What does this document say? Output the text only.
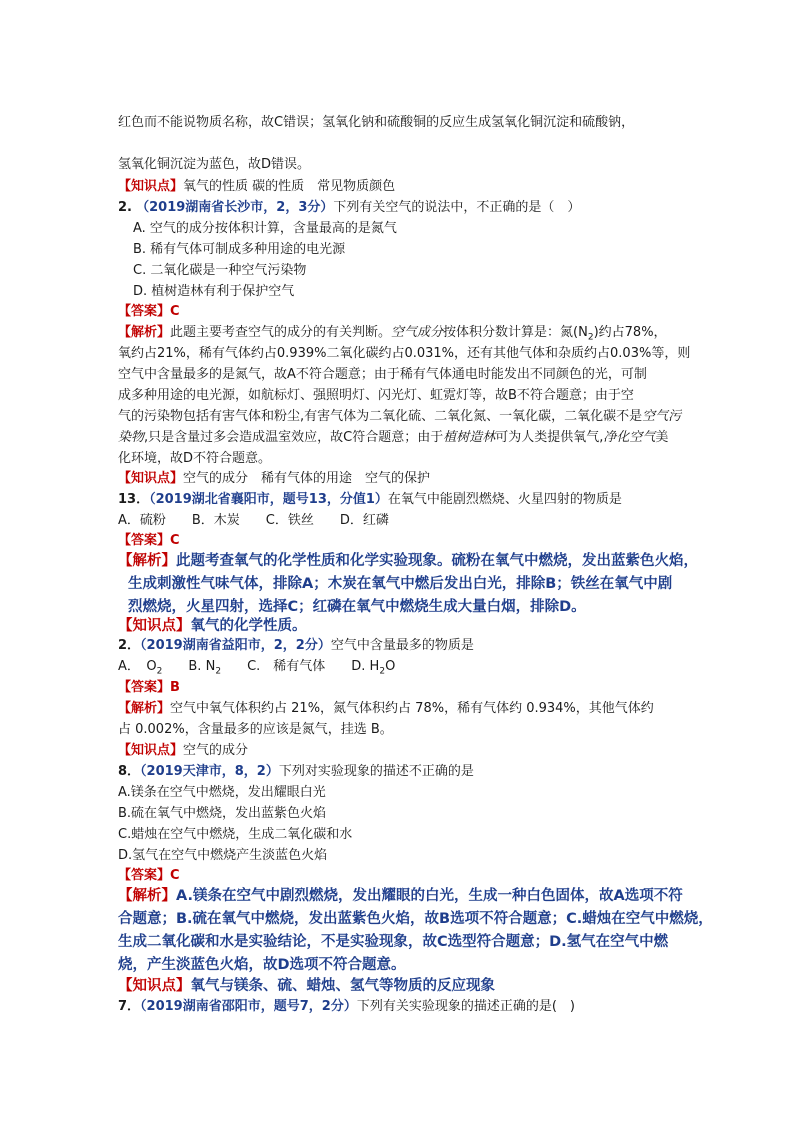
红色而不能说物质名称，故C错误；氢氧化钠和硫酸铜的反应生成氢氧化铜沉淀和硫酸钠，
氢氧化铜沉淀为蓝色，故D错误。
【知识点】氧气的性质 碳的性质　常见物质颜色
2. （2019湖南省长沙市，2，3分）下列有关空气的说法中，不正确的是（　）
A. 空气的成分按体积计算，含量最高的是氮气
B. 稀有气体可制成多种用途的电光源
C. 二氧化碳是一种空气污染物
D. 植树造林有利于保护空气
【答案】C
【解析】此题主要考查空气的成分的有关判断。空气成分按体积分数计算是：氮$(N_2)$约占78%，
氧约占21%，稀有气体约占0.939%二氧化碳约占0.031%，还有其他气体和杂质约占0.03%等，则
空气中含量最多的是氮气，故A不符合题意；由于稀有气体通电时能发出不同颜色的光，可制
成多种用途的电光源，如航标灯、强照明灯、闪光灯、虹霓灯等，故B不符合题意；由于空
气的污染物包括有害气体和粉尘,有害气体为二氧化硫、二氧化氮、一氧化碳，二氧化碳不是空气污
染物,只是含量过多会造成温室效应，故C符合题意；由于植树造林可为人类提供氧气,净化空气美
化环境，故D不符合题意。
【知识点】空气的成分　稀有气体的用途　空气的保护
13．（2019湖北省襄阳市，题号13，分值1）在氧气中能剧烈燃烧、火星四射的物质是
A．硫粉　　B．木炭　　C．铁丝　　D．红磷
【答案】C
【解析】此题考查氧气的化学性质和化学实验现象。硫粉在氧气中燃烧，发出蓝紫色火焰，
生成刺激性气味气体，排除A；木炭在氧气中燃后发出白光，排除B；铁丝在氧气中剧
烈燃烧，火星四射，选择C；红磷在氧气中燃烧生成大量白烟，排除D。
【知识点】氧气的化学性质。
2．（2019湖南省益阳市，2，2分）空气中含量最多的物质是
A．　$O_2$　　 B. $N_2$　　 C.　稀有气体　　D. $H_2O$
【答案】B
【解析】空气中氧气体积约占 21%，氮气体积约占 78%，稀有气体约 0.934%，其他气体约
占 0.002%，含量最多的应该是氮气，挂选 B。
【知识点】空气的成分
8．（2019天津市，8，2）下列对实验现象的描述不正确的是
A.镁条在空气中燃烧，发出耀眼白光
B.硫在氧气中燃烧，发出蓝紫色火焰
C.蜡烛在空气中燃烧，生成二氧化碳和水
D.氢气在空气中燃烧产生淡蓝色火焰
【答案】C
【解析】A.镁条在空气中剧烈燃烧，发出耀眼的白光，生成一种白色固体，故A选项不符
合题意；B.硫在氧气中燃烧，发出蓝紫色火焰，故B选项不符合题意；C.蜡烛在空气中燃烧，
生成二氧化碳和水是实验结论，不是实验现象，故C选型符合题意；D.氢气在空气中燃
烧，产生淡蓝色火焰，故D选项不符合题意。
【知识点】氧气与镁条、硫、蜡烛、氢气等物质的反应现象
7．（2019湖南省邵阳市，题号7，2分）下列有关实验现象的描述正确的是(　)
